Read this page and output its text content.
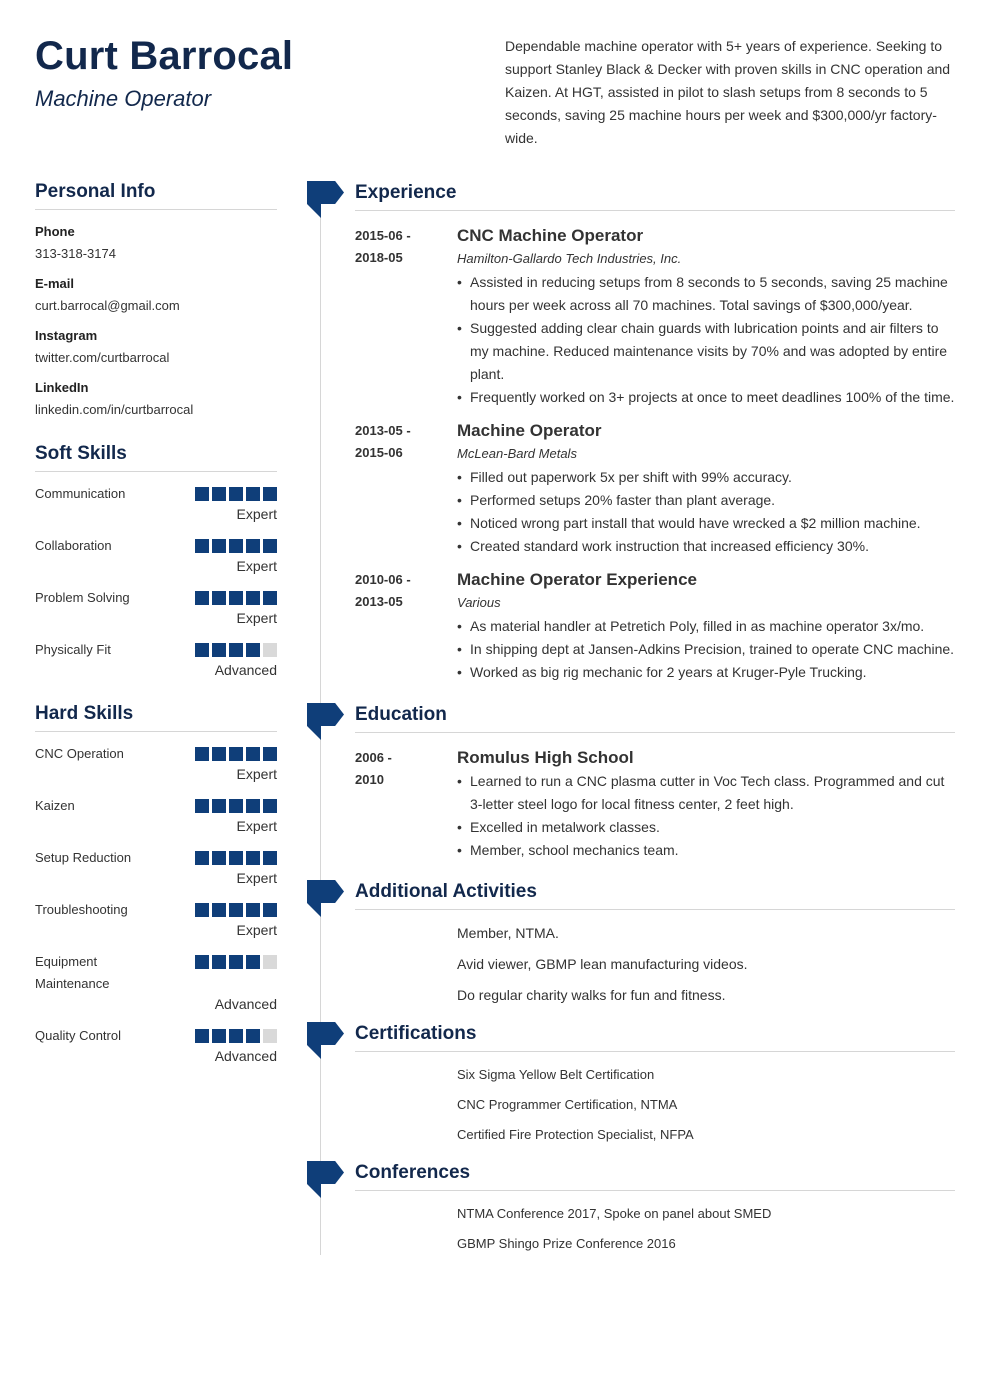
Curt Barrocal
Machine Operator
Dependable machine operator with 5+ years of experience. Seeking to support Stanley Black & Decker with proven skills in CNC operation and Kaizen. At HGT, assisted in pilot to slash setups from 8 seconds to 5 seconds, saving 25 machine hours per week and $300,000/yr factory-wide.
Personal Info
Phone
313-318-3174
E-mail
curt.barrocal@gmail.com
Instagram
twitter.com/curtbarrocal
LinkedIn
linkedin.com/in/curtbarrocal
Soft Skills
Communication
Expert
Collaboration
Expert
Problem Solving
Expert
Physically Fit
Advanced
Hard Skills
CNC Operation
Expert
Kaizen
Expert
Setup Reduction
Expert
Troubleshooting
Expert
Equipment Maintenance
Advanced
Quality Control
Advanced
Experience
2015-06 -
2018-05
CNC Machine Operator
Hamilton-Gallardo Tech Industries, Inc.
• Assisted in reducing setups from 8 seconds to 5 seconds, saving 25 machine hours per week across all 70 machines. Total savings of $300,000/year.
• Suggested adding clear chain guards with lubrication points and air filters to my machine. Reduced maintenance visits by 70% and was adopted by entire plant.
• Frequently worked on 3+ projects at once to meet deadlines 100% of the time.
2013-05 -
2015-06
Machine Operator
McLean-Bard Metals
• Filled out paperwork 5x per shift with 99% accuracy.
• Performed setups 20% faster than plant average.
• Noticed wrong part install that would have wrecked a $2 million machine.
• Created standard work instruction that increased efficiency 30%.
2010-06 -
2013-05
Machine Operator Experience
Various
• As material handler at Petretich Poly, filled in as machine operator 3x/mo.
• In shipping dept at Jansen-Adkins Precision, trained to operate CNC machine.
• Worked as big rig mechanic for 2 years at Kruger-Pyle Trucking.
Education
2006 -
2010
Romulus High School
• Learned to run a CNC plasma cutter in Voc Tech class. Programmed and cut 3-letter steel logo for local fitness center, 2 feet high.
• Excelled in metalwork classes.
• Member, school mechanics team.
Additional Activities
Member, NTMA.
Avid viewer, GBMP lean manufacturing videos.
Do regular charity walks for fun and fitness.
Certifications
Six Sigma Yellow Belt Certification
CNC Programmer Certification, NTMA
Certified Fire Protection Specialist, NFPA
Conferences
NTMA Conference 2017, Spoke on panel about SMED
GBMP Shingo Prize Conference 2016
